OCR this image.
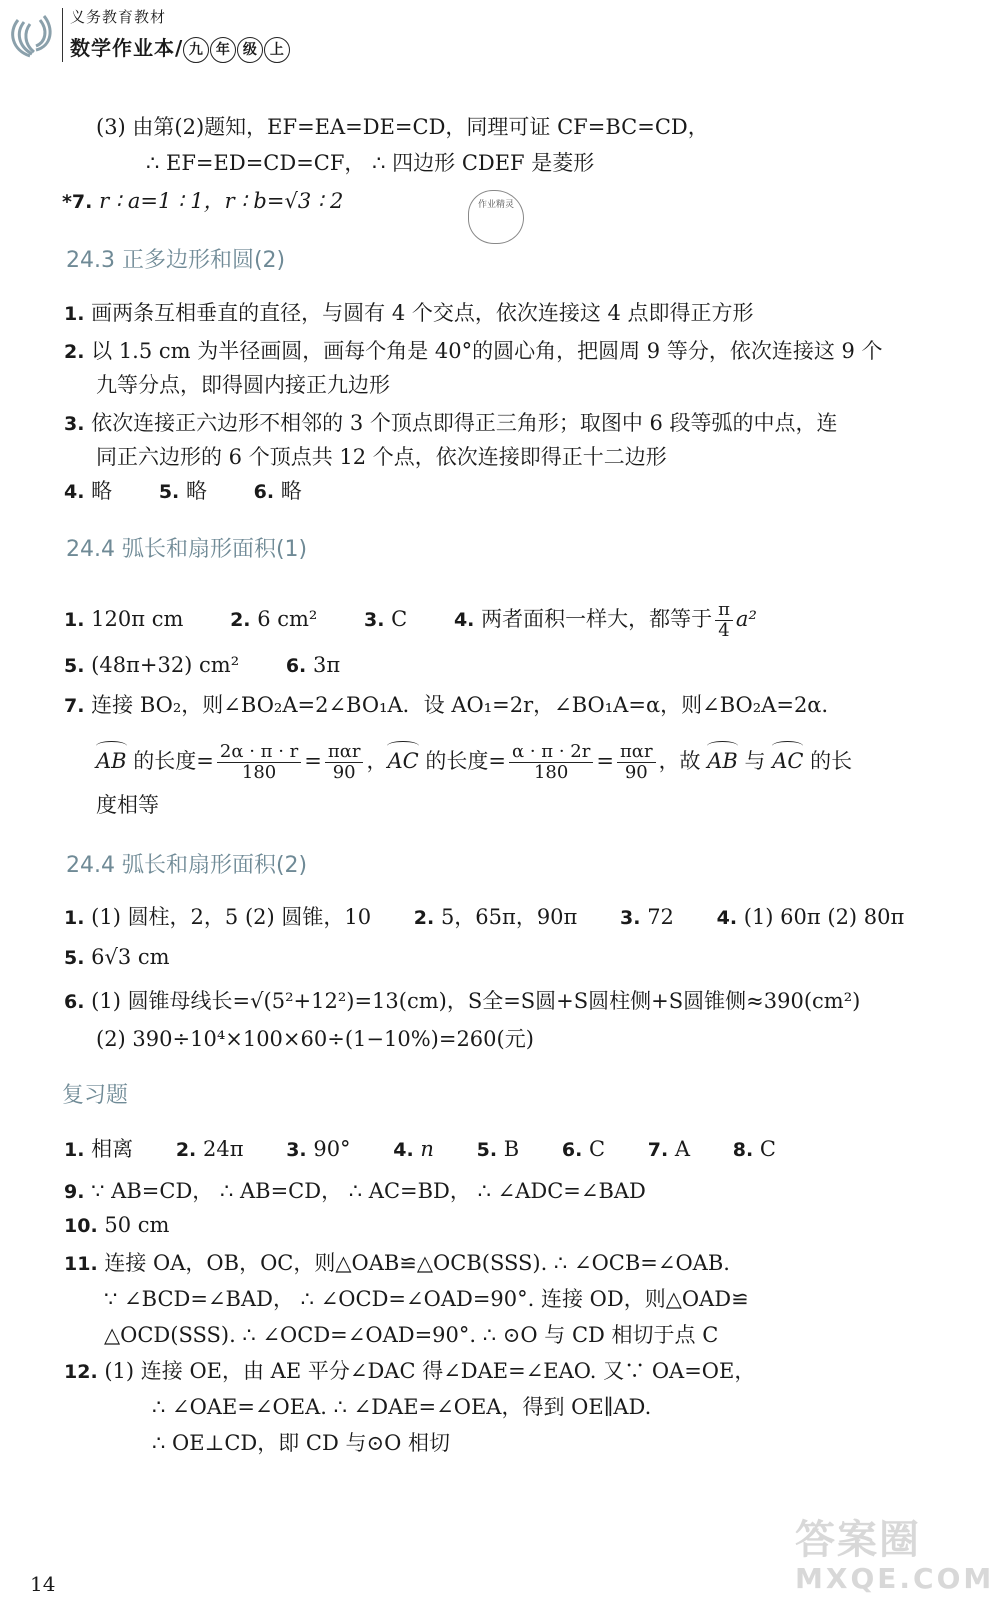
义务教育教材
数学作业本/ 九 年 级 上
(3) 由第(2)题知，EF=EA=DE=CD，同理可证 CF=BC=CD，
∴ EF=ED=CD=CF， ∴ 四边形 CDEF 是菱形
*7. r ∶ a=1 ∶ 1，r ∶ b=√3 ∶ 2	作业精灵
24.3 正多边形和圆(2)
1. 画两条互相垂直的直径，与圆有 4 个交点，依次连接这 4 点即得正方形
2. 以 1.5 cm 为半径画圆，画每个角是 40°的圆心角，把圆周 9 等分，依次连接这 9 个
九等分点，即得圆内接正九边形
3. 依次连接正六边形不相邻的 3 个顶点即得正三角形；取图中 6 段等弧的中点，连
同正六边形的 6 个顶点共 12 个点，依次连接即得正十二边形
4. 略 5. 略 6. 略
24.4 弧长和扇形面积(1)
1. 120π cm 2. 6 cm² 3. C 4. 两者面积一样大，都等于 $\frac{\pi}{4} a^2$
5. (48π+32) cm² 6. 3π
7. 连接 BO₂，则∠BO₂A=2∠BO₁A．设 AO₁=2r，∠BO₁A=α，则∠BO₂A=2α．
AB 的长度= $\frac{2\alpha \cdot \pi \cdot r}{180} = \frac{\text{παr}}{90}$ ，AC 的长度= $\frac{\alpha \cdot \pi \cdot 2r}{180} = \frac{\text{παr}}{90}$ ，故 AB 与 AC 的长
度相等
24.4 弧长和扇形面积(2)
1. (1) 圆柱，2，5 (2) 圆锥，10 2. 5，65π，90π 3. 72 4. (1) 60π (2) 80π
5. 6√3 cm
6. (1) 圆锥母线长=√(5²+12²)=13(cm)，S全=S圆+S圆柱侧+S圆锥侧≈390(cm²)
(2) 390÷10⁴×100×60÷(1−10%)=260(元)
复习题
1. 相离 2. 24π 3. 90° 4. n 5. B 6. C 7. A 8. C
9. ∵ AB=CD， ∴ AB=CD， ∴ AC=BD， ∴ ∠ADC=∠BAD
10. 50 cm
11. 连接 OA，OB，OC，则△OAB≌△OCB(SSS). ∴ ∠OCB=∠OAB.
∵ ∠BCD=∠BAD， ∴ ∠OCD=∠OAD=90°. 连接 OD，则△OAD≌
△OCD(SSS). ∴ ∠OCD=∠OAD=90°. ∴ ⊙O 与 CD 相切于点 C
12. (1) 连接 OE，由 AE 平分∠DAC 得∠DAE=∠EAO. 又∵ OA=OE，
∴ ∠OAE=∠OEA. ∴ ∠DAE=∠OEA，得到 OE∥AD.
∴ OE⊥CD，即 CD 与⊙O 相切
答案圈
MXQE.COM
14
